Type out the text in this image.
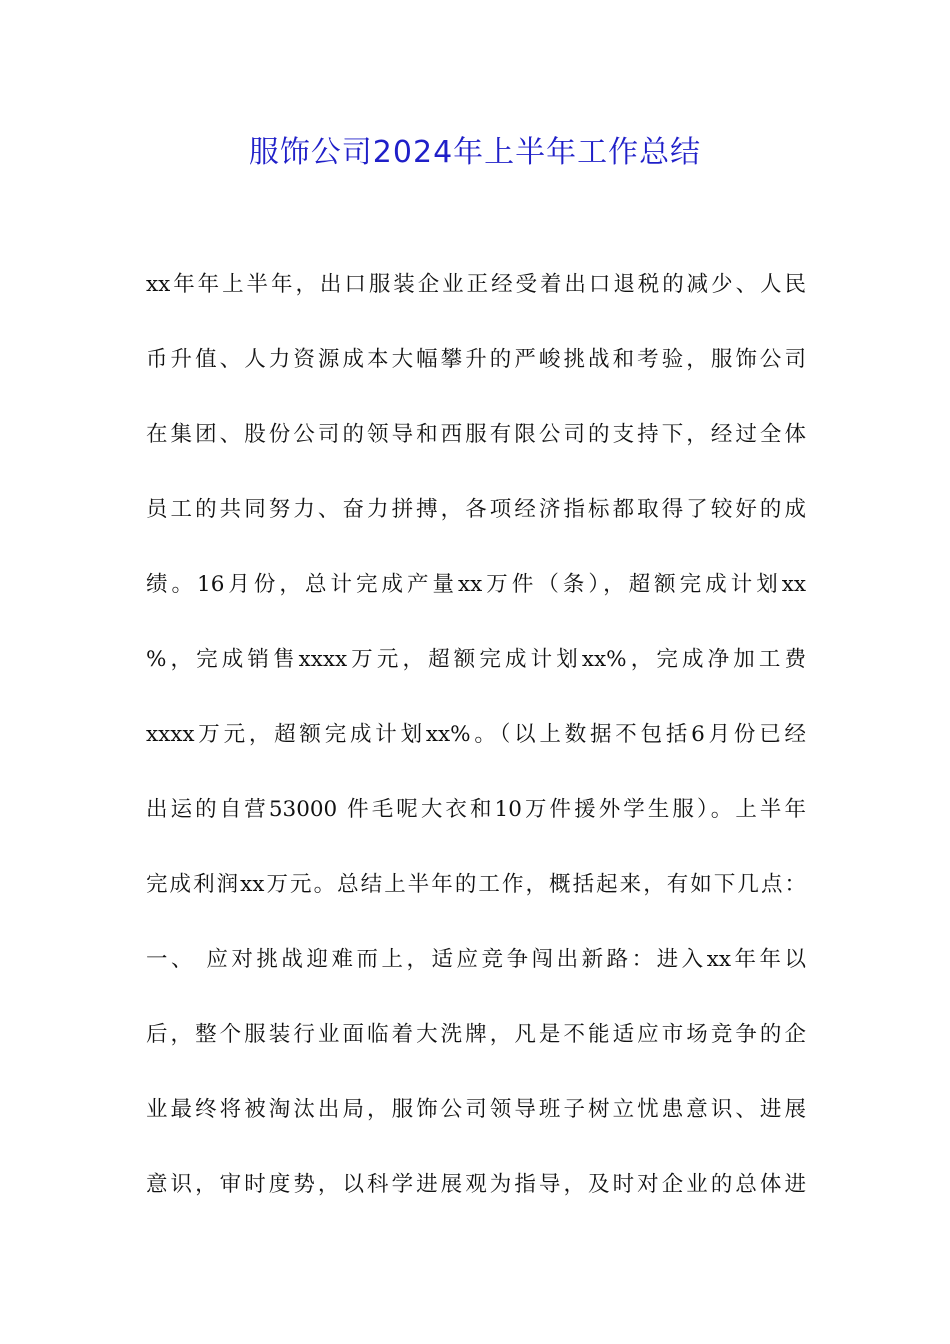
服饰公司2024年上半年工作总结
xx年年上半年，出口服装企业正经受着出口退税的减少、人民
币升值、人力资源成本大幅攀升的严峻挑战和考验，服饰公司
在集团、股份公司的领导和西服有限公司的支持下，经过全体
员工的共同努力、奋力拼搏，各项经济指标都取得了较好的成
绩。16月份，总计完成产量xx万件（条），超额完成计划xx
%，完成销售xxxx万元，超额完成计划xx%，完成净加工费
xxxx万元，超额完成计划xx%。（以上数据不包括6月份已经
出运的自营53000 件毛呢大衣和10万件援外学生服）。上半年
完成利润xx万元。总结上半年的工作，概括起来，有如下几点：
一、 应对挑战迎难而上，适应竞争闯出新路：进入xx年年以
后，整个服装行业面临着大洗牌，凡是不能适应市场竞争的企
业最终将被淘汰出局，服饰公司领导班子树立忧患意识、进展
意识，审时度势，以科学进展观为指导，及时对企业的总体进
